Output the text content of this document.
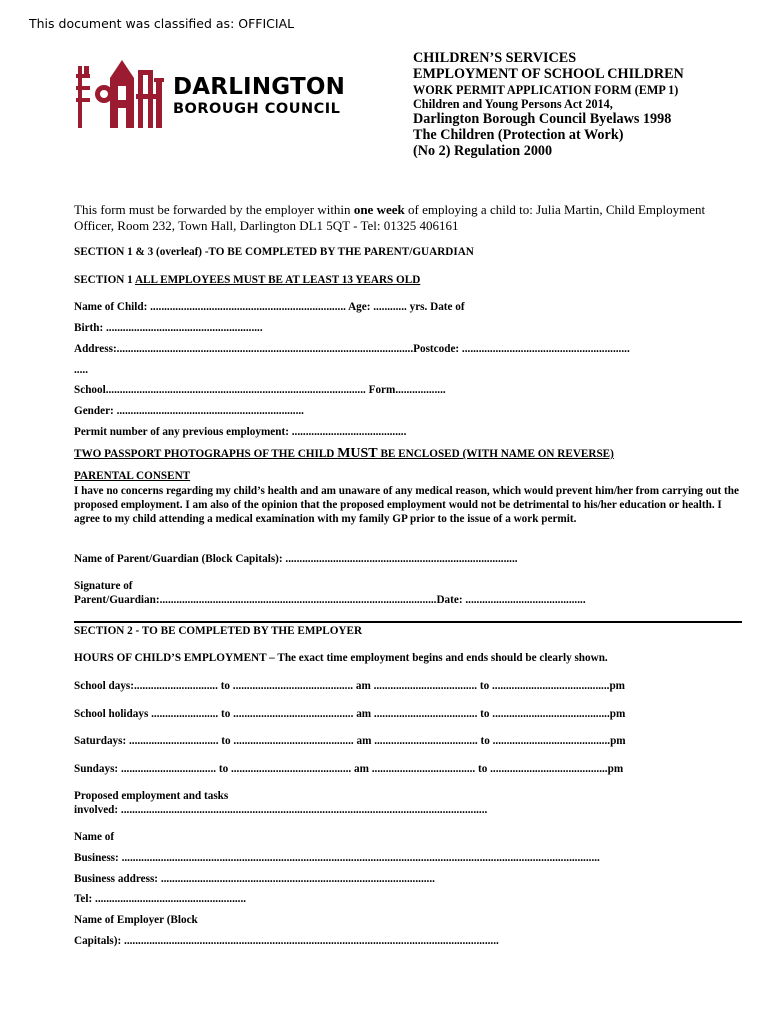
This document was classified as: OFFICIAL
DARLINGTON
BOROUGH COUNCIL
CHILDREN’S SERVICES
EMPLOYMENT OF SCHOOL CHILDREN
WORK PERMIT APPLICATION FORM (EMP 1)
Children and Young Persons Act 2014,
Darlington Borough Council Byelaws 1998
The Children (Protection at Work)
(No 2) Regulation 2000
This form must be forwarded by the employer within one week of employing a child to: Julia Martin, Child Employment Officer, Room 232, Town Hall, Darlington DL1 5QT - Tel: 01325 406161
SECTION 1 & 3 (overleaf) -TO BE COMPLETED BY THE PARENT/GUARDIAN
SECTION 1 ALL EMPLOYEES MUST BE AT LEAST 13 YEARS OLD
Name of Child: ...................................................................... Age: ............ yrs. Date of
Birth: ........................................................
Address:..........................................................................................................Postcode: ............................................................
.....
School............................................................................................. Form..................
Gender: ...................................................................
Permit number of any previous employment: .........................................
TWO PASSPORT PHOTOGRAPHS OF THE CHILD MUST BE ENCLOSED (WITH NAME ON REVERSE)
PARENTAL CONSENT
I have no concerns regarding my child’s health and am unaware of any medical reason, which would prevent him/her from carrying out the proposed employment. I am also of the opinion that the proposed employment would not be detrimental to his/her education or health. I agree to my child attending a medical examination with my family GP prior to the issue of a work permit.
Name of Parent/Guardian (Block Capitals): ...................................................................................
Signature of
Parent/Guardian:...................................................................................................Date: ...........................................
SECTION 2 - TO BE COMPLETED BY THE EMPLOYER
HOURS OF CHILD’S EMPLOYMENT – The exact time employment begins and ends should be clearly shown.
School days:.............................. to ........................................... am ..................................... to ..........................................pm
School holidays ........................ to ........................................... am ..................................... to ..........................................pm
Saturdays: ................................ to ........................................... am ..................................... to ..........................................pm
Sundays: .................................. to ........................................... am ..................................... to ..........................................pm
Proposed employment and tasks
involved: ...................................................................................................................................
Name of
Business: ...........................................................................................................................................................................
Business address: ..................................................................................................
Tel: ......................................................
Name of Employer (Block
Capitals): ......................................................................................................................................
